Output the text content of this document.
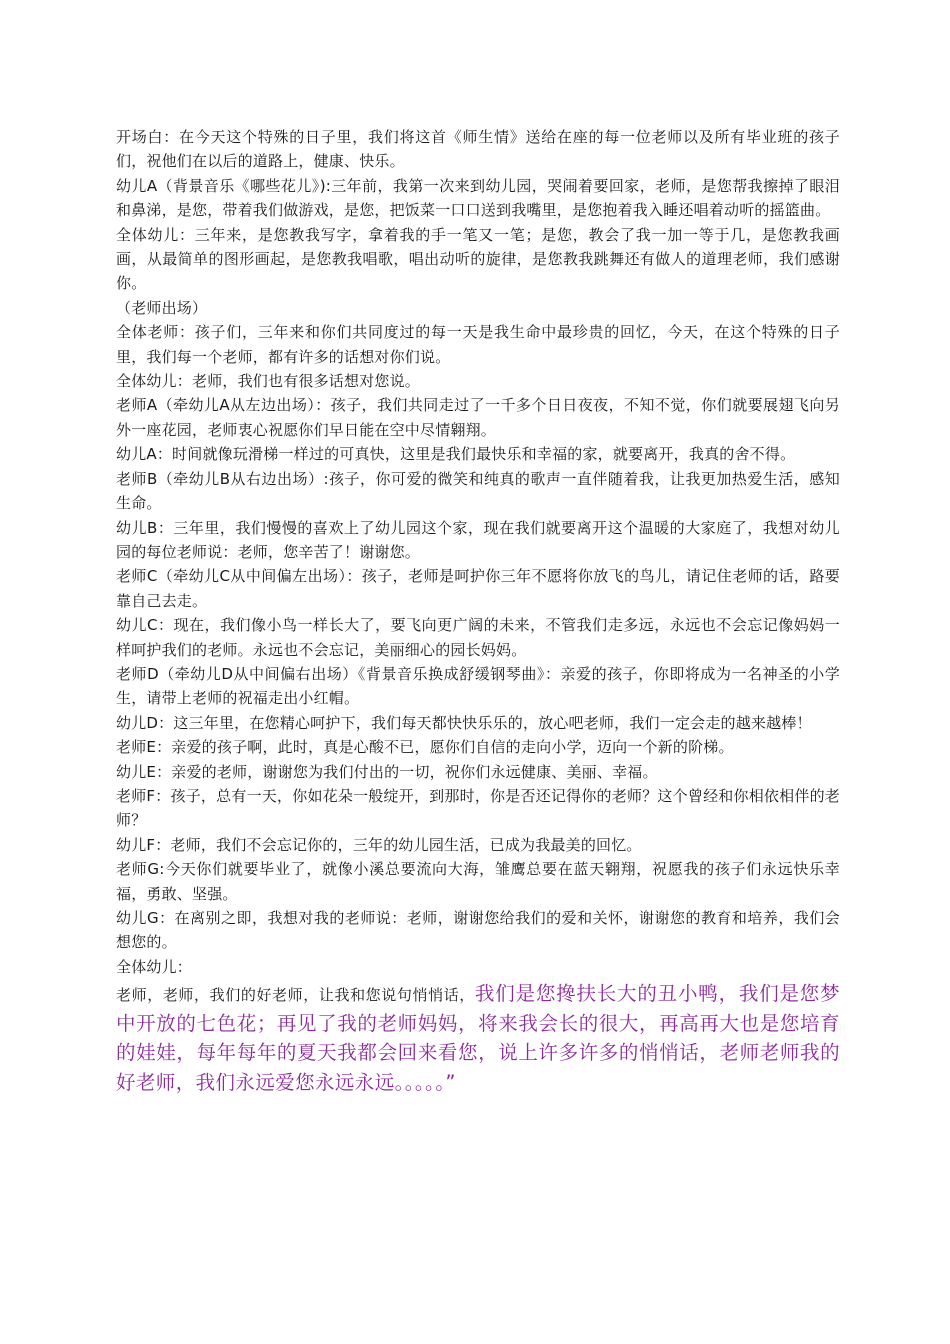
开场白：在今天这个特殊的日子里，我们将这首《师生情》送给在座的每一位老师以及所有毕业班的孩子们，祝他们在以后的道路上，健康、快乐。

幼儿A（背景音乐《哪些花儿》):三年前，我第一次来到幼儿园，哭闹着要回家，老师，是您帮我擦掉了眼泪和鼻涕，是您，带着我们做游戏，是您，把饭菜一口口送到我嘴里，是您抱着我入睡还唱着动听的摇篮曲。

全体幼儿：三年来，是您教我写字，拿着我的手一笔又一笔；是您，教会了我一加一等于几，是您教我画画，从最简单的图形画起，是您教我唱歌，唱出动听的旋律，是您教我跳舞还有做人的道理老师，我们感谢你。

（老师出场）

全体老师：孩子们，三年来和你们共同度过的每一天是我生命中最珍贵的回忆，今天，在这个特殊的日子里，我们每一个老师，都有许多的话想对你们说。

全体幼儿：老师，我们也有很多话想对您说。

老师A（牵幼儿A从左边出场）：孩子，我们共同走过了一千多个日日夜夜，不知不觉，你们就要展翅飞向另外一座花园，老师衷心祝愿你们早日能在空中尽情翱翔。

幼儿A：时间就像玩滑梯一样过的可真快，这里是我们最快乐和幸福的家，就要离开，我真的舍不得。

老师B（牵幼儿B从右边出场）:孩子，你可爱的微笑和纯真的歌声一直伴随着我，让我更加热爱生活，感知生命。

幼儿B：三年里，我们慢慢的喜欢上了幼儿园这个家，现在我们就要离开这个温暖的大家庭了，我想对幼儿园的每位老师说：老师，您辛苦了！谢谢您。

老师C（牵幼儿C从中间偏左出场）：孩子，老师是呵护你三年不愿将你放飞的鸟儿，请记住老师的话，路要靠自己去走。

幼儿C：现在，我们像小鸟一样长大了，要飞向更广阔的未来，不管我们走多远，永远也不会忘记像妈妈一样呵护我们的老师。永远也不会忘记，美丽细心的园长妈妈。

老师D（牵幼儿D从中间偏右出场）《背景音乐换成舒缓钢琴曲》：亲爱的孩子，你即将成为一名神圣的小学生，请带上老师的祝福走出小红帽。

幼儿D：这三年里，在您精心呵护下，我们每天都快快乐乐的，放心吧老师，我们一定会走的越来越棒！

老师E：亲爱的孩子啊，此时，真是心酸不已，愿你们自信的走向小学，迈向一个新的阶梯。

幼儿E：亲爱的老师，谢谢您为我们付出的一切，祝你们永远健康、美丽、幸福。

老师F：孩子，总有一天，你如花朵一般绽开，到那时，你是否还记得你的老师？这个曾经和你相依相伴的老师？

幼儿F：老师，我们不会忘记你的，三年的幼儿园生活，已成为我最美的回忆。

老师G:今天你们就要毕业了，就像小溪总要流向大海，雏鹰总要在蓝天翱翔，祝愿我的孩子们永远快乐幸福，勇敢、坚强。

幼儿G：在离别之即，我想对我的老师说：老师，谢谢您给我们的爱和关怀，谢谢您的教育和培养，我们会想您的。

全体幼儿：

老师，老师，我们的好老师，让我和您说句悄悄话，我们是您搀扶长大的丑小鸭，我们是您梦中开放的七色花；再见了我的老师妈妈，将来我会长的很大，再高再大也是您培育的娃娃，每年每年的夏天我都会回来看您，说上许多许多的悄悄话，老师老师我的好老师，我们永远爱您永远永远。。。。。”
